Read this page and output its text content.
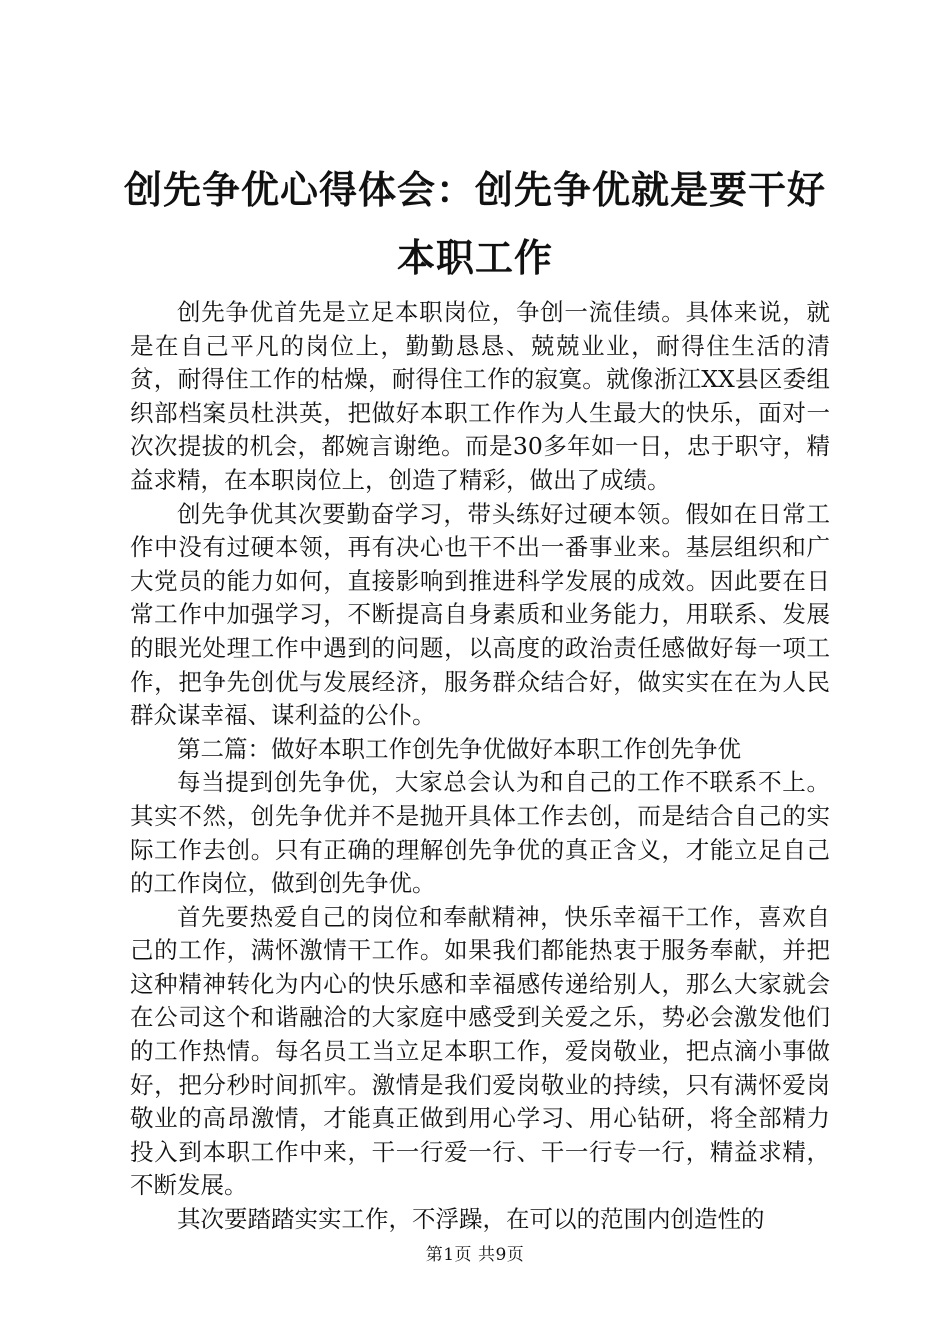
创先争优心得体会：创先争优就是要干好本职工作

创先争优首先是立足本职岗位，争创一流佳绩。具体来说，就是在自己平凡的岗位上，勤勤恳恳、兢兢业业，耐得住生活的清贫，耐得住工作的枯燥，耐得住工作的寂寞。就像浙江XX县区委组织部档案员杜洪英，把做好本职工作作为人生最大的快乐，面对一次次提拔的机会，都婉言谢绝。而是30多年如一日，忠于职守，精益求精，在本职岗位上，创造了精彩，做出了成绩。

创先争优其次要勤奋学习，带头练好过硬本领。假如在日常工作中没有过硬本领，再有决心也干不出一番事业来。基层组织和广大党员的能力如何，直接影响到推进科学发展的成效。因此要在日常工作中加强学习，不断提高自身素质和业务能力，用联系、发展的眼光处理工作中遇到的问题，以高度的政治责任感做好每一项工作，把争先创优与发展经济，服务群众结合好，做实实在在为人民群众谋幸福、谋利益的公仆。

第二篇：做好本职工作创先争优做好本职工作创先争优

每当提到创先争优，大家总会认为和自己的工作不联系不上。其实不然，创先争优并不是抛开具体工作去创，而是结合自己的实际工作去创。只有正确的理解创先争优的真正含义，才能立足自己的工作岗位，做到创先争优。

首先要热爱自己的岗位和奉献精神，快乐幸福干工作，喜欢自己的工作，满怀激情干工作。如果我们都能热衷于服务奉献，并把这种精神转化为内心的快乐感和幸福感传递给别人，那么大家就会在公司这个和谐融洽的大家庭中感受到关爱之乐，势必会激发他们的工作热情。每名员工当立足本职工作，爱岗敬业，把点滴小事做好，把分秒时间抓牢。激情是我们爱岗敬业的持续，只有满怀爱岗敬业的高昂激情，才能真正做到用心学习、用心钻研，将全部精力投入到本职工作中来，干一行爱一行、干一行专一行，精益求精，不断发展。

其次要踏踏实实工作，不浮躁，在可以的范围内创造性的

第1页 共9页
